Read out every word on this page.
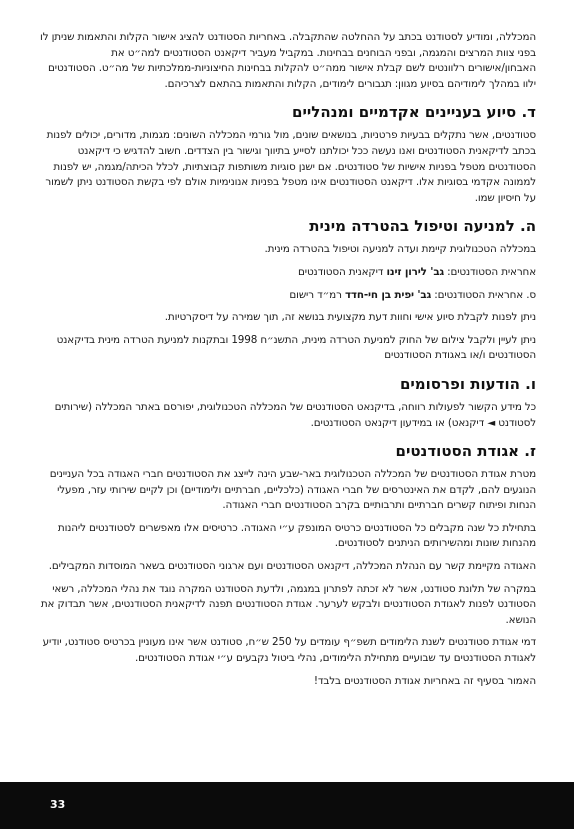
המכללה, ומודיע לסטודנט בכתב על ההחלטה שהתקבלה. באחריות הסטודנט להציג אישור הקלות והתאמות שניתן לו בפני צוות המרצים והמגמה, ובפני הבוחנים בבחינות. במקביל מעביר דיקאנט הסטודנטים למה״ט את האבחון/אישורים רלוונטים לשם קבלת אישור ממה״ט להקלות בבחינות החיצוניות-ממלכתיות של מה״ט. הסטודנטים ילוו במהלך לימודיהם בסיוע מגוון: תגבורים לימודים, הקלות והתאמות בהתאם לצרכיהם.

ד. סיוע בעניינים אקדמיים ומנהליים

סטודנטים, אשר נתקלים בבעיות פרטניות, בנושאים שונים, מול גורמי המכללה השונים: מגמות, מדורים, יכולים לפנות בכתב לדיקאנית הסטודנטים ואנו נעשה ככל יכולתנו לסייע בתיווך וגישור בין הצדדים. חשוב להדגיש כי דיקאנט הסטודנטים מטפל בפניות אישיות של סטודנטים. אם ישנן סוגיות משותפות קבוצתיות, לכלל הכיתה/מגמה, יש לפנות לממונה אקדמי בסוגיות אלו. דיקאנט הסטודנטים אינו מטפל בפניות אנונימיות אולם לפי בקשת הסטודנט ניתן לשמור על חיסיון שמו.

ה. למניעה וטיפול בהטרדה מינית

במכללה הטכנולוגית קיימת ועדה למניעה וטיפול בהטרדה מינית.

אחראית הסטודנטים: גב' לירון זינו דיקאנית הסטודנטים

ס. אחראית הסטודנטים: גב' יפית בן חי-חדד רמ״ד רישום

ניתן לפנות לקבלת סיוע אישי וחוות דעת מקצועית בנושא זה, תוך שמירה על דיסקרטיות.

ניתן לעיין ולקבל צילום של החוק למניעת הטרדה מינית, התשנ״ח 1998 ובתקנות למניעת הטרדה מינית בדיקאנט הסטודנטים ו/או באגודת הסטודנטים

ו. הודעות ופרסומים

כל מידע הקשור לפעולות רווחה, בדיקנאט הסטודנטים של המכללה הטכנולוגית, יפורסם באתר המכללה (שירותים לסטודנט ◄ דיקנאט) או במידעון דיקנאט הסטודנטים.

ז. אגודת הסטודנטים

מטרת אגודת הסטודנטים של המכללה הטכנולוגית באר-שבע הינה לייצג את הסטודנטים חברי האגודה בכל העניינים הנוגעים להם, לקדם את האינטרסים של חברי האגודה (כלכליים, חברתיים ולימודיים) וכן לקיים שירותי עזר, מפעלי הנחות ופיתוח קשרים חברתיים ותרבותיים בקרב הסטודנטים חברי האגודה.

בתחילת כל שנה מקבלים כל הסטודנטים כרטיס המונפק ע״י האגודה. כרטיסים אלו מאפשרים לסטודנטים ליהנות מהנחות שונות ומהשירותים הניתנים לסטודנטים.

האגודה מקיימת קשר עם הנהלת המכללה, דיקנאט הסטודנטים ועם ארגוני הסטודנטים בשאר המוסדות המקבילים.

במקרה של תלונת סטודנט, אשר לא זכתה לפתרון במגמה, ולדעת הסטודנט המקרה נוגד את נהלי המכללה, רשאי הסטודנט לפנות לאגודת הסטודנטים ולבקש לערער. אגודת הסטודנטים תפנה לדיקאנית הסטודנטים, אשר תבדוק את הנושא.

דמי אגודת סטודנטים לשנת הלימודים תשפ״ף עומדים על 250 ש״ח, סטודנט אשר אינו מעוניין בכרטיס סטודנט, יודיע לאגודת הסטודנטים עד שבועיים מתחילת הלימודים, נהלי ביטול נקבעים ע״י אגודת הסטודנטים.

האמור בסעיף זה באחריות אגודת הסטודנטים בלבד!

33
